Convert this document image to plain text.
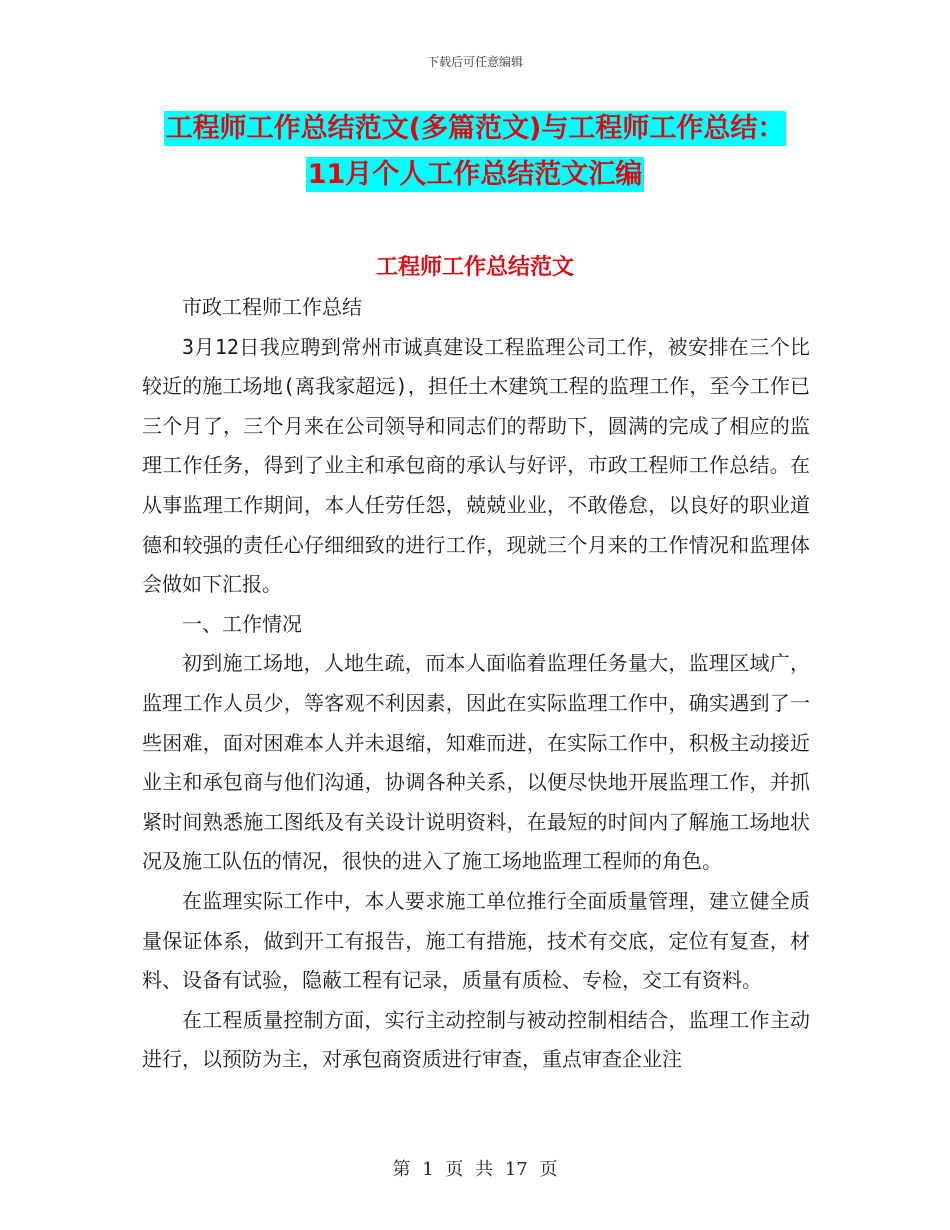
下载后可任意编辑
工程师工作总结范文(多篇范文)与工程师工作总结：
11月个人工作总结范文汇编
工程师工作总结范文

市政工程师工作总结

3月12日我应聘到常州市诚真建设工程监理公司工作，被安排在三个比较近的施工场地(离我家超远)，担任土木建筑工程的监理工作，至今工作已三个月了，三个月来在公司领导和同志们的帮助下，圆满的完成了相应的监理工作任务，得到了业主和承包商的承认与好评，市政工程师工作总结。在从事监理工作期间，本人任劳任怨，兢兢业业，不敢倦怠，以良好的职业道德和较强的责任心仔细细致的进行工作，现就三个月来的工作情况和监理体会做如下汇报。

一、工作情况

初到施工场地，人地生疏，而本人面临着监理任务量大，监理区域广，监理工作人员少，等客观不利因素，因此在实际监理工作中，确实遇到了一些困难，面对困难本人并未退缩，知难而进，在实际工作中，积极主动接近业主和承包商与他们沟通，协调各种关系，以便尽快地开展监理工作，并抓紧时间熟悉施工图纸及有关设计说明资料，在最短的时间内了解施工场地状况及施工队伍的情况，很快的进入了施工场地监理工程师的角色。

在监理实际工作中，本人要求施工单位推行全面质量管理，建立健全质量保证体系，做到开工有报告，施工有措施，技术有交底，定位有复查，材料、设备有试验，隐蔽工程有记录，质量有质检、专检，交工有资料。

在工程质量控制方面，实行主动控制与被动控制相结合，监理工作主动进行，以预防为主，对承包商资质进行审查，重点审查企业注

第 1 页 共 17 页
